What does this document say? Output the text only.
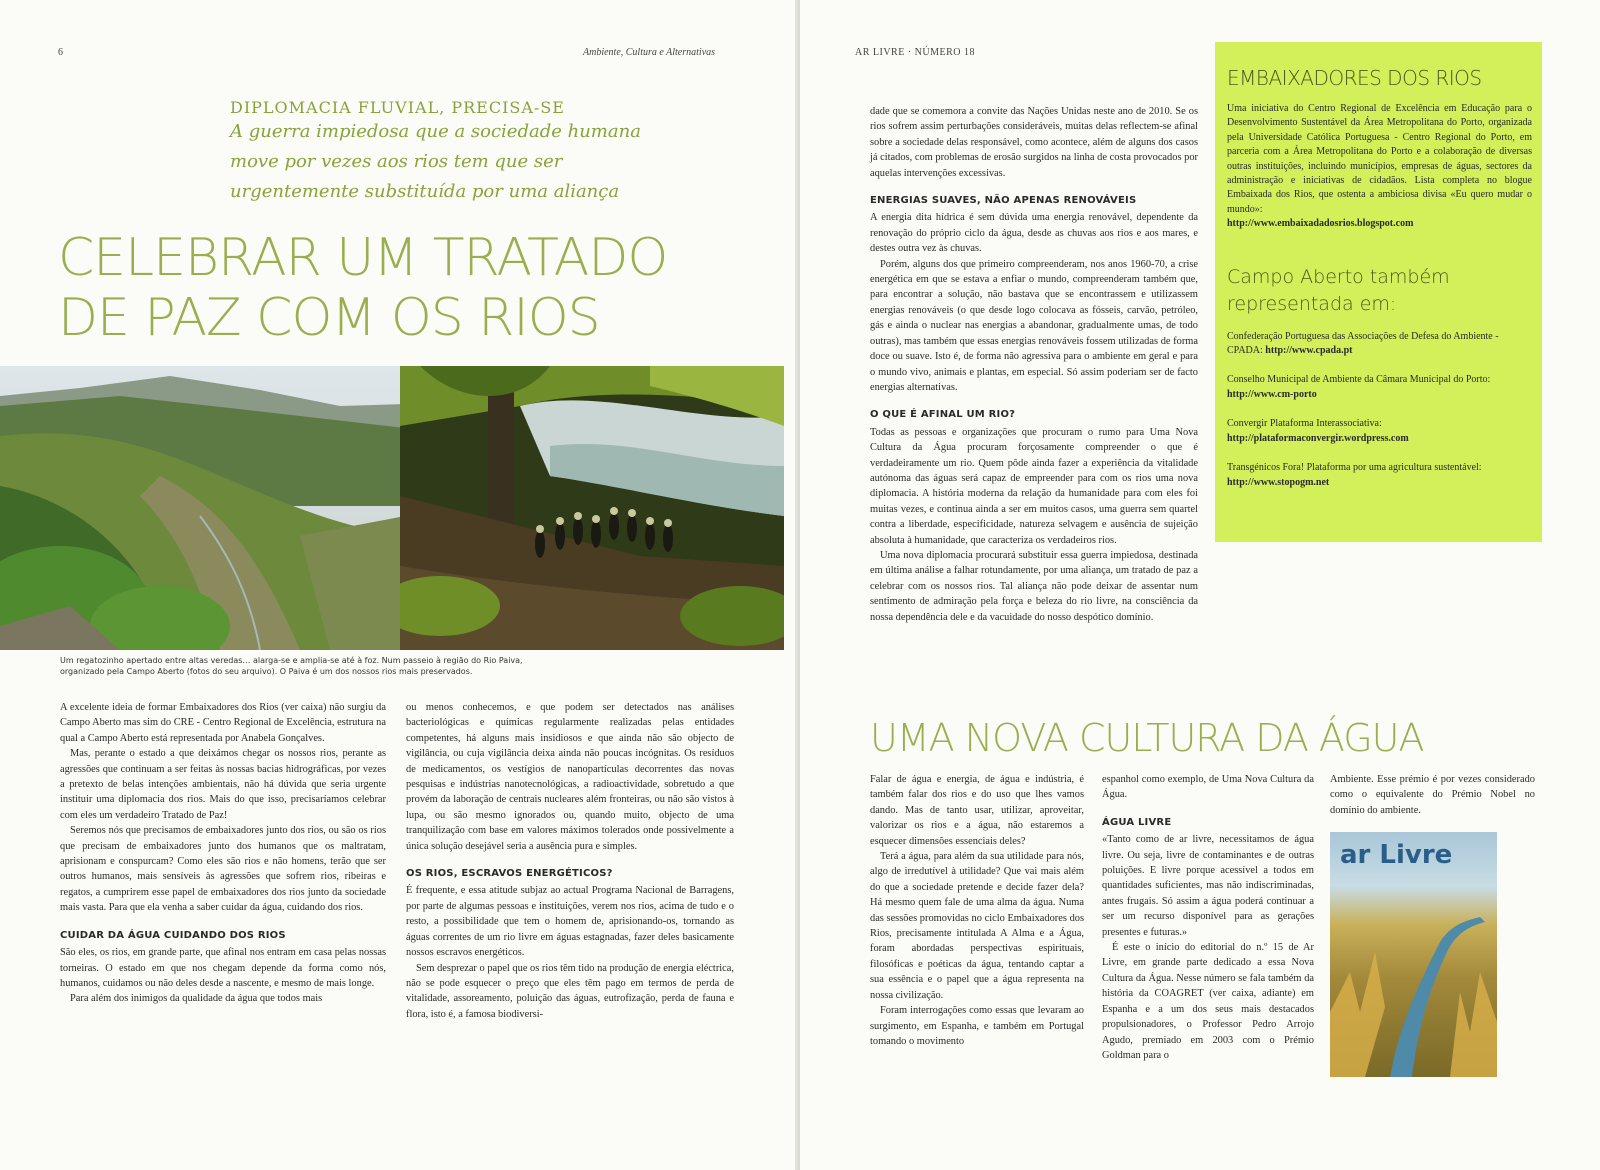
6	Ambiente, Cultura e Alternativas
DIPLOMACIA FLUVIAL, PRECISA-SE
A guerra impiedosa que a sociedade humana
move por vezes aos rios tem que ser
urgentemente substituída por uma aliança
CELEBRAR UM TRATADO
DE PAZ COM OS RIOS
Um regatozinho apertado entre altas veredas… alarga-se e amplia-se até à foz. Num passeio à região do Rio Paiva,
organizado pela Campo Aberto (fotos do seu arquivo). O Paiva é um dos nossos rios mais preservados.

A excelente ideia de formar Embaixadores dos Rios (ver caixa) não surgiu da Campo Aberto mas sim do CRE - Centro Regional de Excelência, estrutura na qual a Campo Aberto está representada por Anabela Gonçalves.

Mas, perante o estado a que deixámos chegar os nossos rios, perante as agressões que continuam a ser feitas às nossas bacias hidrográficas, por vezes a pretexto de belas intenções ambientais, não há dúvida que seria urgente instituir uma diplomacia dos rios. Mais do que isso, precisaríamos celebrar com eles um verdadeiro Tratado de Paz!

Seremos nós que precisamos de embaixadores junto dos rios, ou são os rios que precisam de embaixadores junto dos humanos que os maltratam, aprisionam e conspurcam? Como eles são rios e não homens, terão que ser outros humanos, mais sensíveis às agressões que sofrem rios, ribeiras e regatos, a cumprirem esse papel de embaixadores dos rios junto da sociedade mais vasta. Para que ela venha a saber cuidar da água, cuidando dos rios.

CUIDAR DA ÁGUA CUIDANDO DOS RIOS

São eles, os rios, em grande parte, que afinal nos entram em casa pelas nossas torneiras. O estado em que nos chegam depende da forma como nós, humanos, cuidamos ou não deles desde a nascente, e mesmo de mais longe.

Para além dos inimigos da qualidade da água que todos mais

ou menos conhecemos, e que podem ser detectados nas análises bacteriológicas e químicas regularmente realizadas pelas entidades competentes, há alguns mais insidiosos e que ainda não são objecto de vigilância, ou cuja vigilância deixa ainda não poucas incógnitas. Os resíduos de medicamentos, os vestígios de nanopartículas decorrentes das novas pesquisas e indústrias nanotecnológicas, a radioactividade, sobretudo a que provém da laboração de centrais nucleares além fronteiras, ou não são vistos à lupa, ou são mesmo ignorados ou, quando muito, objecto de uma tranquilização com base em valores máximos tolerados onde possivelmente a única solução desejável seria a ausência pura e simples.

OS RIOS, ESCRAVOS ENERGÉTICOS?

É frequente, e essa atitude subjaz ao actual Programa Nacional de Barragens, por parte de algumas pessoas e instituições, verem nos rios, acima de tudo e o resto, a possibilidade que tem o homem de, aprisionando-os, tornando as águas correntes de um rio livre em águas estagnadas, fazer deles basicamente nossos escravos energéticos.

Sem desprezar o papel que os rios têm tido na produção de energia eléctrica, não se pode esquecer o preço que eles têm pago em termos de perda de vitalidade, assoreamento, poluição das águas, eutrofização, perda de fauna e flora, isto é, a famosa biodiversi-

AR LIVRE · NÚMERO 18

dade que se comemora a convite das Nações Unidas neste ano de 2010. Se os rios sofrem assim perturbações consideráveis, muitas delas reflectem-se afinal sobre a sociedade delas responsável, como acontece, além de alguns dos casos já citados, com problemas de erosão surgidos na linha de costa provocados por aquelas intervenções excessivas.

ENERGIAS SUAVES, NÃO APENAS RENOVÁVEIS

A energia dita hídrica é sem dúvida uma energia renovável, dependente da renovação do próprio ciclo da água, desde as chuvas aos rios e aos mares, e destes outra vez às chuvas.

Porém, alguns dos que primeiro compreenderam, nos anos 1960-70, a crise energética em que se estava a enfiar o mundo, compreenderam também que, para encontrar a solução, não bastava que se encontrassem e utilizassem energias renováveis (o que desde logo colocava as fósseis, carvão, petróleo, gás e ainda o nuclear nas energias a abandonar, gradualmente umas, de todo outras), mas também que essas energias renováveis fossem utilizadas de forma doce ou suave. Isto é, de forma não agressiva para o ambiente em geral e para o mundo vivo, animais e plantas, em especial. Só assim poderiam ser de facto energias alternativas.

O QUE É AFINAL UM RIO?

Todas as pessoas e organizações que procuram o rumo para Uma Nova Cultura da Água procuram forçosamente compreender o que é verdadeiramente um rio. Quem pôde ainda fazer a experiência da vitalidade autónoma das águas será capaz de empreender para com os rios uma nova diplomacia. A história moderna da relação da humanidade para com eles foi muitas vezes, e continua ainda a ser em muitos casos, uma guerra sem quartel contra a liberdade, especificidade, natureza selvagem e ausência de sujeição absoluta à humanidade, que caracteriza os verdadeiros rios.

Uma nova diplomacia procurará substituir essa guerra impiedosa, destinada em última análise a falhar rotundamente, por uma aliança, um tratado de paz a celebrar com os nossos rios. Tal aliança não pode deixar de assentar num sentimento de admiração pela força e beleza do rio livre, na consciência da nossa dependência dele e da vacuidade do nosso despótico domínio.

EMBAIXADORES DOS RIOS
Uma iniciativa do Centro Regional de Excelência em Educação para o Desenvolvimento Sustentável da Área Metropolitana do Porto, organizada pela Universidade Católica Portuguesa - Centro Regional do Porto, em parceria com a Área Metropolitana do Porto e a colaboração de diversas outras instituições, incluindo municípios, empresas de águas, sectores da administração e iniciativas de cidadãos. Lista completa no blogue Embaixada dos Rios, que ostenta a ambiciosa divisa «Eu quero mudar o mundo»:
http://www.embaixadadosrios.blogspot.com
Campo Aberto também representada em:
Confederação Portuguesa das Associações de Defesa do Ambiente - CPADA: http://www.cpada.pt
Conselho Municipal de Ambiente da Câmara Municipal do Porto: http://www.cm-porto
Convergir Plataforma Interassociativa:
http://plataformaconvergir.wordpress.com
Transgénicos Fora! Plataforma por uma agricultura sustentável: http://www.stopogm.net
UMA NOVA CULTURA DA ÁGUA

Falar de água e energia, de água e indústria, é também falar dos rios e do uso que lhes vamos dando. Mas de tanto usar, utilizar, aproveitar, valorizar os rios e a água, não estaremos a esquecer dimensões essenciais deles?

Terá a água, para além da sua utilidade para nós, algo de irredutível à utilidade? Que vai mais além do que a sociedade pretende e decide fazer dela? Há mesmo quem fale de uma alma da água. Numa das sessões promovidas no ciclo Embaixadores dos Rios, precisamente intitulada A Alma e a Água, foram abordadas perspectivas espirituais, filosóficas e poéticas da água, tentando captar a sua essência e o papel que a água representa na nossa civilização.

Foram interrogações como essas que levaram ao surgimento, em Espanha, e também em Portugal tomando o movimento

espanhol como exemplo, de Uma Nova Cultura da Água.

ÁGUA LIVRE

«Tanto como de ar livre, necessitamos de água livre. Ou seja, livre de contaminantes e de outras poluições. E livre porque acessível a todos em quantidades suficientes, mas não indiscriminadas, antes frugais. Só assim a água poderá continuar a ser um recurso disponível para as gerações presentes e futuras.»

É este o início do editorial do n.º 15 de Ar Livre, em grande parte dedicado a essa Nova Cultura da Água. Nesse número se fala também da história da COAGRET (ver caixa, adiante) em Espanha e a um dos seus mais destacados propulsionadores, o Professor Pedro Arrojo Agudo, premiado em 2003 com o Prémio Goldman para o

Ambiente. Esse prémio é por vezes considerado como o equivalente do Prémio Nobel no domínio do ambiente.

ar Livre
